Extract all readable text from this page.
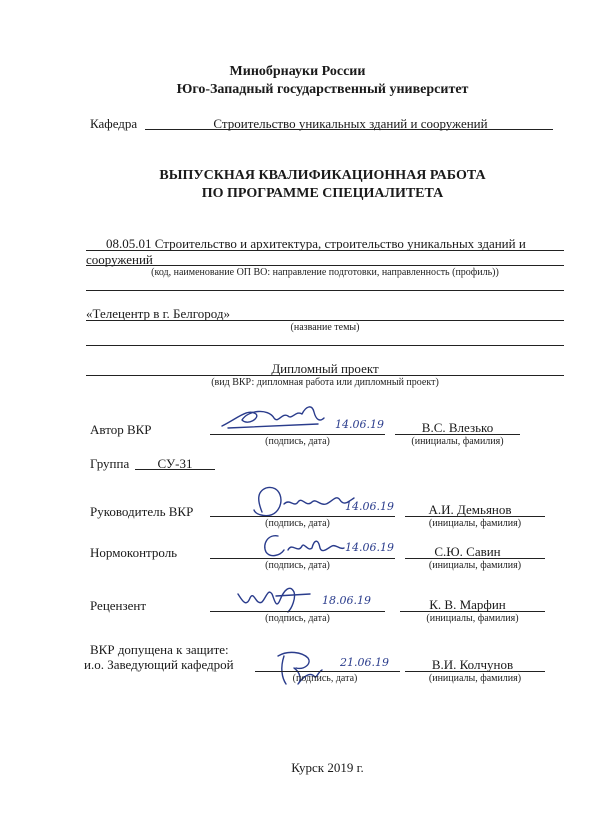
Минобрнауки России
Юго-Западный государственный университет
Кафедра	Строительство уникальных зданий и сооружений
ВЫПУСКНАЯ КВАЛИФИКАЦИОННАЯ РАБОТА
ПО ПРОГРАММЕ СПЕЦИАЛИТЕТА
08.05.01 Строительство и архитектура, строительство уникальных зданий и
сооружений
(код, наименование ОП ВО: направление подготовки, направленность (профиль))
«Телецентр в г. Белгород»
(название темы)
Дипломный проект
(вид ВКР: дипломная работа или дипломный проект)
Автор ВКР	14.06.19
(подпись, дата)
В.С. Влезько
(инициалы, фамилия)
Группа	СУ-31
Руководитель ВКР	14.06.19
(подпись, дата)
А.И. Демьянов
(инициалы, фамилия)
Нормоконтроль	14.06.19
(подпись, дата)
С.Ю. Савин
(инициалы, фамилия)
Рецензент	18.06.19
(подпись, дата)
К. В. Марфин
(инициалы, фамилия)
ВКР допущена к защите:
и.о. Заведующий кафедрой	21.06.19
(подпись, дата)
В.И. Колчунов
(инициалы, фамилия)
Курск 2019 г.
